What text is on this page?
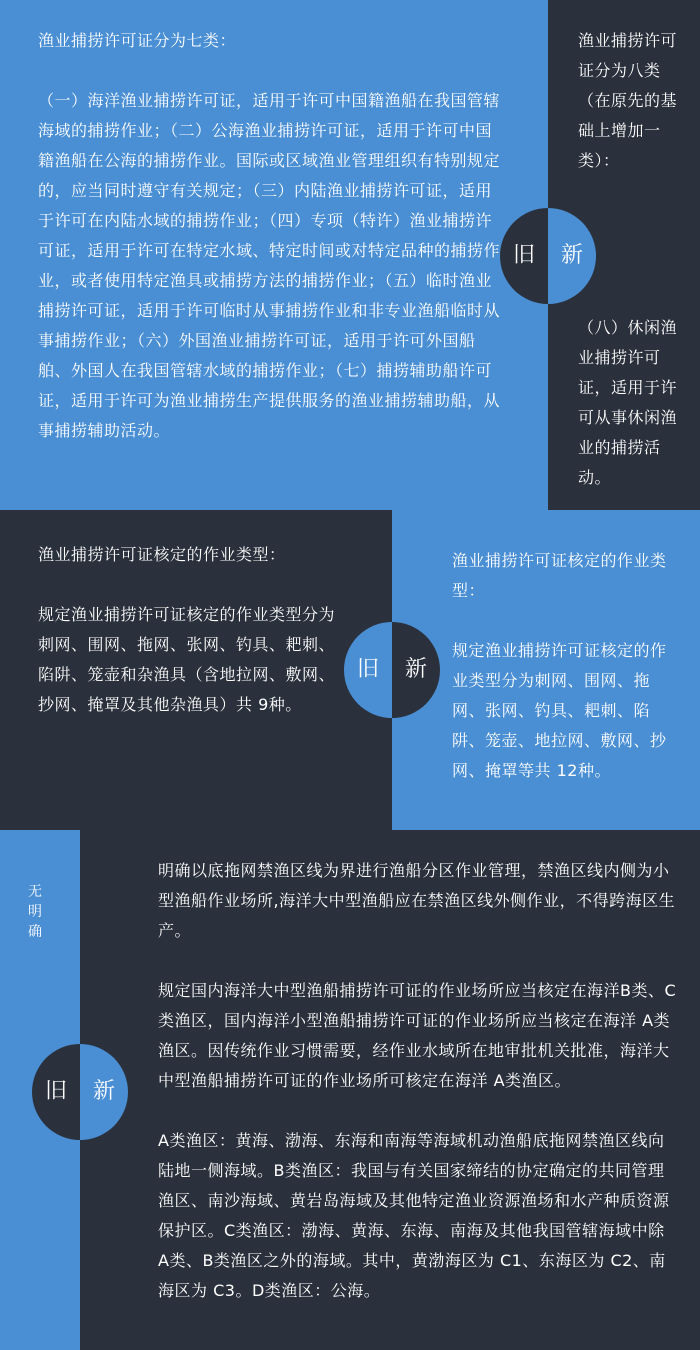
渔业捕捞许可证分为七类：
（一）海洋渔业捕捞许可证，适用于许可中国籍渔船在我国管辖海域的捕捞作业；（二）公海渔业捕捞许可证，适用于许可中国籍渔船在公海的捕捞作业。国际或区域渔业管理组织有特别规定的，应当同时遵守有关规定；（三）内陆渔业捕捞许可证，适用于许可在内陆水域的捕捞作业；（四）专项（特许）渔业捕捞许可证，适用于许可在特定水域、特定时间或对特定品种的捕捞作业，或者使用特定渔具或捕捞方法的捕捞作业；（五）临时渔业捕捞许可证，适用于许可临时从事捕捞作业和非专业渔船临时从事捕捞作业；（六）外国渔业捕捞许可证，适用于许可外国船舶、外国人在我国管辖水域的捕捞作业；（七）捕捞辅助船许可证，适用于许可为渔业捕捞生产提供服务的渔业捕捞辅助船，从事捕捞辅助活动。
渔业捕捞许可证分为八类（在原先的基础上增加一类）：
（八）休闲渔业捕捞许可证，适用于许可从事休闲渔业的捕捞活动。
旧	新
渔业捕捞许可证核定的作业类型：
规定渔业捕捞许可证核定的作业类型分为刺网、围网、拖网、张网、钓具、耙刺、陷阱、笼壶和杂渔具（含地拉网、敷网、抄网、掩罩及其他杂渔具）共 9种。
渔业捕捞许可证核定的作业类型：
规定渔业捕捞许可证核定的作业类型分为刺网、围网、拖网、张网、钓具、耙刺、陷阱、笼壶、地拉网、敷网、抄网、掩罩等共 12种。
旧	新
无明确
明确以底拖网禁渔区线为界进行渔船分区作业管理，禁渔区线内侧为小型渔船作业场所,海洋大中型渔船应在禁渔区线外侧作业，不得跨海区生产。
规定国内海洋大中型渔船捕捞许可证的作业场所应当核定在海洋B类、C类渔区，国内海洋小型渔船捕捞许可证的作业场所应当核定在海洋 A类渔区。因传统作业习惯需要，经作业水域所在地审批机关批准，海洋大中型渔船捕捞许可证的作业场所可核定在海洋 A类渔区。
A类渔区：黄海、渤海、东海和南海等海域机动渔船底拖网禁渔区线向陆地一侧海域。B类渔区：我国与有关国家缔结的协定确定的共同管理渔区、南沙海域、黄岩岛海域及其他特定渔业资源渔场和水产种质资源保护区。C类渔区：渤海、黄海、东海、南海及其他我国管辖海域中除 A类、B类渔区之外的海域。其中，黄渤海区为 C1、东海区为 C2、南海区为 C3。D类渔区：公海。
旧	新
